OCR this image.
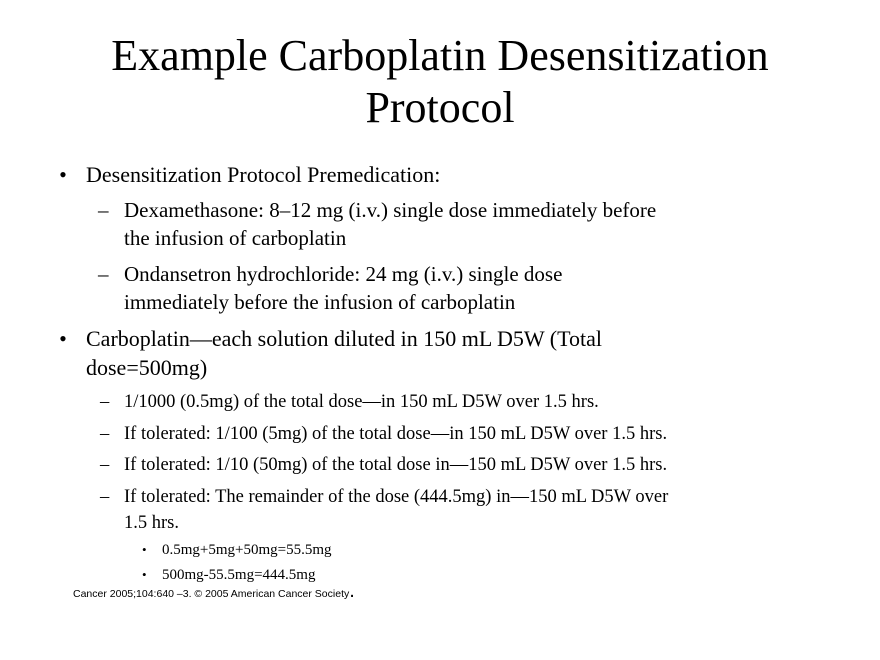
Example Carboplatin Desensitization
Protocol
• Desensitization Protocol Premedication:
– Dexamethasone: 8–12 mg (i.v.) single dose immediately before
the infusion of carboplatin
– Ondansetron hydrochloride: 24 mg (i.v.) single dose
immediately before the infusion of carboplatin
• Carboplatin—each solution diluted in 150 mL D5W (Total
dose=500mg)
– 1/1000 (0.5mg) of the total dose—in 150 mL D5W over 1.5 hrs.
– If tolerated: 1/100 (5mg) of the total dose—in 150 mL D5W over 1.5 hrs.
– If tolerated: 1/10 (50mg) of the total dose in—150 mL D5W over 1.5 hrs.
– If tolerated: The remainder of the dose (444.5mg) in—150 mL D5W over
1.5 hrs.
• 0.5mg+5mg+50mg=55.5mg
• 500mg-55.5mg=444.5mg
Cancer 2005;104:640 –3. © 2005 American Cancer Society.
